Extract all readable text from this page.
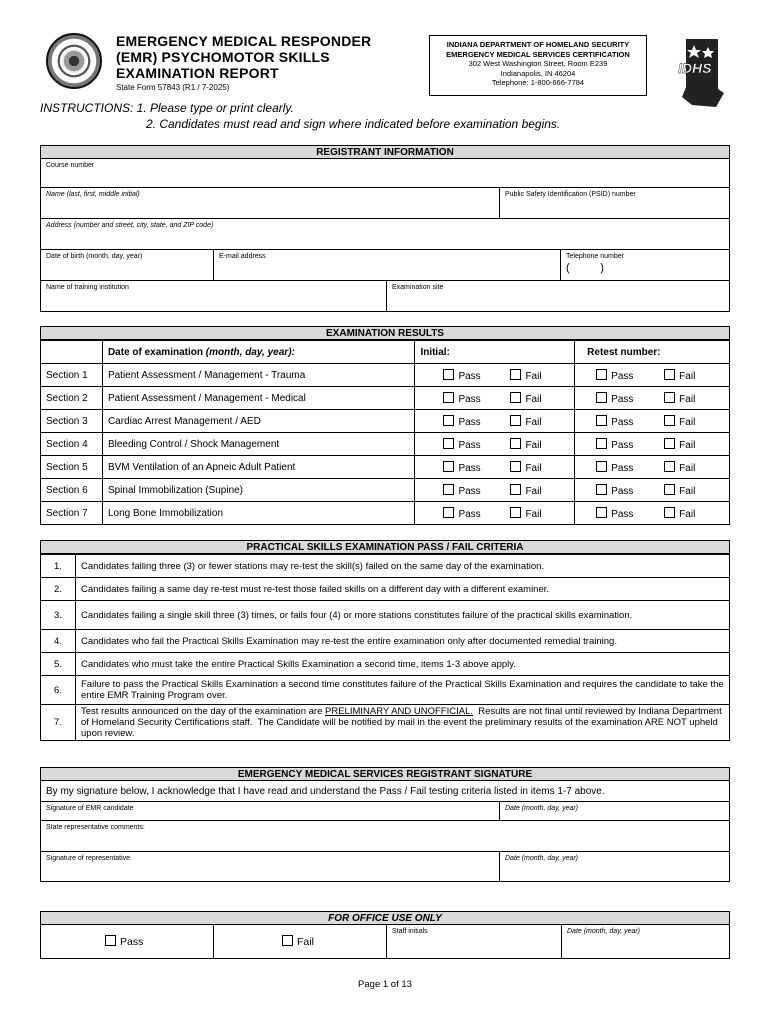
EMERGENCY MEDICAL RESPONDER
(EMR) PSYCHOMOTOR SKILLS
EXAMINATION REPORT
State Form 57843 (R1 / 7-2025)
INDIANA DEPARTMENT OF HOMELAND SECURITY
EMERGENCY MEDICAL SERVICES CERTIFICATION
302 West Washington Street, Room E239
Indianapolis, IN 46204
Telephone: 1-800-666-7784
IDHS
INSTRUCTIONS: 1. Please type or print clearly.
2. Candidates must read and sign where indicated before examination begins.
REGISTRANT INFORMATION
Course number
Name (last, first, middle initial)	Public Safety Identification (PSID) number
Address (number and street, city, state, and ZIP code)
Date of birth (month, day, year)	E-mail address	Telephone number
(          )
Name of training institution	Examination site
EXAMINATION RESULTS
	Date of examination (month, day, year):	Initial:	Retest number:
Section 1	Patient Assessment / Management - Trauma	Pass Fail	Pass Fail

Section 2	Patient Assessment / Management - Medical	Pass Fail	Pass Fail

Section 3	Cardiac Arrest Management / AED	Pass Fail	Pass Fail

Section 4	Bleeding Control / Shock Management	Pass Fail	Pass Fail

Section 5	BVM Ventilation of an Apneic Adult Patient	Pass Fail	Pass Fail

Section 6	Spinal Immobilization (Supine)	Pass Fail	Pass Fail

Section 7	Long Bone Immobilization	Pass Fail	Pass Fail
PRACTICAL SKILLS EXAMINATION PASS / FAIL CRITERIA
1.	Candidates failing three (3) or fewer stations may re-test the skill(s) failed on the same day of the examination.
2.	Candidates failing a same day re-test must re-test those failed skills on a different day with a different examiner.
3.	Candidates failing a single skill three (3) times, or fails four (4) or more stations constitutes failure of the practical skills examination.
4.	Candidates who fail the Practical Skills Examination may re-test the entire examination only after documented remedial training.
5.	Candidates who must take the entire Practical Skills Examination a second time, items 1-3 above apply.
6.	Failure to pass the Practical Skills Examination a second time constitutes failure of the Practical Skills Examination and requires the candidate to take the entire EMR Training Program over.
7.	Test results announced on the day of the examination are PRELIMINARY AND UNOFFICIAL.  Results are not final until reviewed by Indiana Department of Homeland Security Certifications staff.  The Candidate will be notified by mail in the event the preliminary results of the examination ARE NOT upheld upon review.
EMERGENCY MEDICAL SERVICES REGISTRANT SIGNATURE
By my signature below, I acknowledge that I have read and understand the Pass / Fail testing criteria listed in items 1-7 above.
Signature of EMR candidate	Date (month, day, year)
State representative comments:
Signature of representative	Date (month, day, year)
FOR OFFICE USE ONLY
Pass	Fail
Staff initials	Date (month, day, year)
Page 1 of 13
